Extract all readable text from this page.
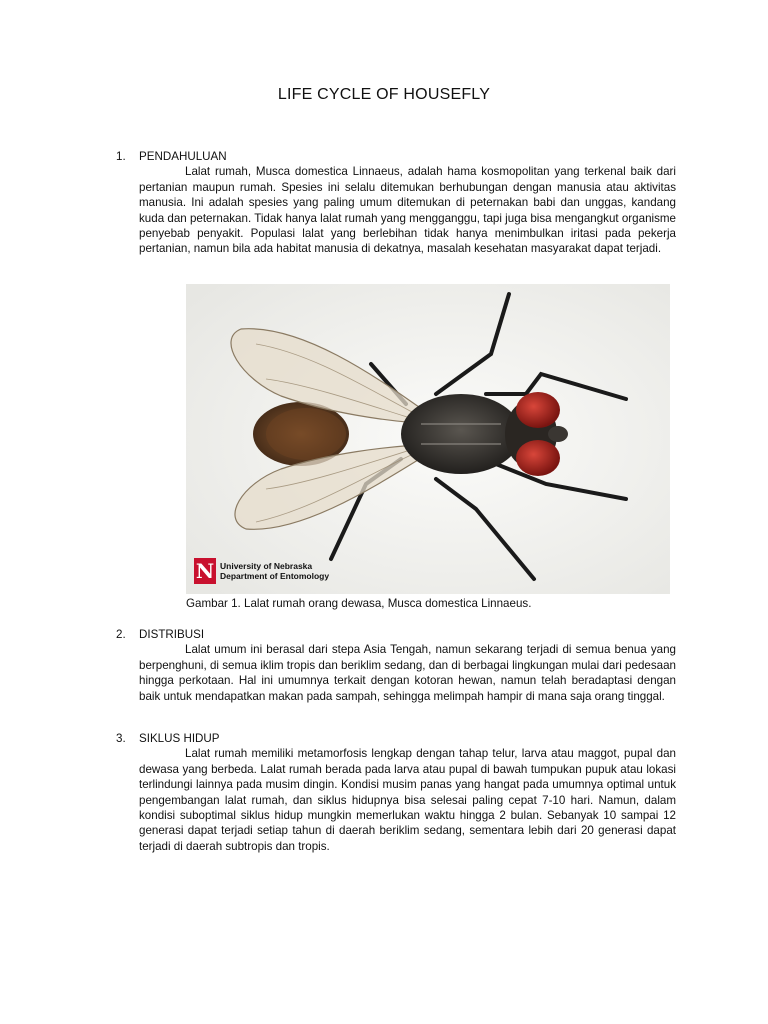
LIFE CYCLE OF HOUSEFLY
1.	PENDAHULUAN
Lalat rumah, Musca domestica Linnaeus, adalah hama kosmopolitan yang terkenal baik dari pertanian maupun rumah. Spesies ini selalu ditemukan berhubungan dengan manusia atau aktivitas manusia. Ini adalah spesies yang paling umum ditemukan di peternakan babi dan unggas, kandang kuda dan peternakan. Tidak hanya lalat rumah yang mengganggu, tapi juga bisa mengangkut organisme penyebab penyakit. Populasi lalat yang berlebihan tidak hanya menimbulkan iritasi pada pekerja pertanian, namun bila ada habitat manusia di dekatnya, masalah kesehatan masyarakat dapat terjadi.
N University of Nebraska
Department of Entomology
Gambar 1. Lalat rumah orang dewasa, Musca domestica Linnaeus.
2.	DISTRIBUSI
Lalat umum ini berasal dari stepa Asia Tengah, namun sekarang terjadi di semua benua yang berpenghuni, di semua iklim tropis dan beriklim sedang, dan di berbagai lingkungan mulai dari pedesaan hingga perkotaan. Hal ini umumnya terkait dengan kotoran hewan, namun telah beradaptasi dengan baik untuk mendapatkan makan pada sampah, sehingga melimpah hampir di mana saja orang tinggal.
3.	SIKLUS HIDUP
Lalat rumah memiliki metamorfosis lengkap dengan tahap telur, larva atau maggot, pupal dan dewasa yang berbeda. Lalat rumah berada pada larva atau pupal di bawah tumpukan pupuk atau lokasi terlindungi lainnya pada musim dingin. Kondisi musim panas yang hangat pada umumnya optimal untuk pengembangan lalat rumah, dan siklus hidupnya bisa selesai paling cepat 7-10 hari. Namun, dalam kondisi suboptimal siklus hidup mungkin memerlukan waktu hingga 2 bulan. Sebanyak 10 sampai 12 generasi dapat terjadi setiap tahun di daerah beriklim sedang, sementara lebih dari 20 generasi dapat terjadi di daerah subtropis dan tropis.
